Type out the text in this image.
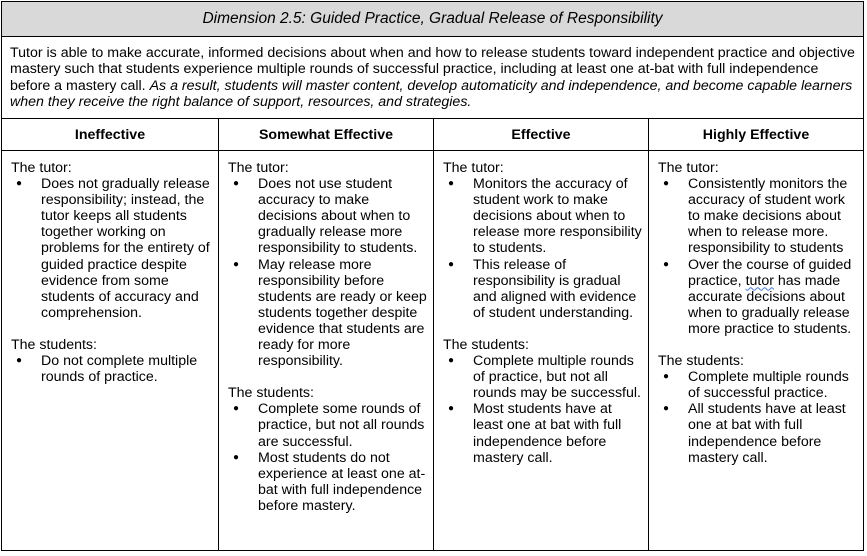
Dimension 2.5: Guided Practice, Gradual Release of Responsibility			
Tutor is able to make accurate, informed decisions about when and how to release students toward independent practice and objective mastery such that students experience multiple rounds of successful practice, including at least one at-bat with full independence before a mastery call. As a result, students will master content, develop automaticity and independence, and become capable learners when they receive the right balance of support, resources, and strategies.			
Ineffective	Somewhat Effective	Effective	Highly Effective

The tutor:
● Does not gradually release responsibility; instead, the tutor keeps all students together working on problems for the entirety of guided practice despite evidence from some students of accuracy and comprehension.
The students:
● Do not complete multiple rounds of practice.

The tutor:
● Does not use student accuracy to make decisions about when to gradually release more responsibility to students.
● May release more responsibility before students are ready or keep students together despite evidence that students are ready for more responsibility.
The students:
● Complete some rounds of practice, but not all rounds are successful.
● Most students do not experience at least one at-bat with full independence before mastery.

The tutor:
● Monitors the accuracy of student work to make decisions about when to release more responsibility to students.
● This release of responsibility is gradual and aligned with evidence of student understanding.
The students:
● Complete multiple rounds of practice, but not all rounds may be successful.
● Most students have at least one at bat with full independence before mastery call.

The tutor:
● Consistently monitors the accuracy of student work to make decisions about when to release more. responsibility to students
● Over the course of guided practice, tutor has made accurate decisions about when to gradually release more practice to students.
The students:
● Complete multiple rounds of successful practice.
● All students have at least one at bat with full independence before mastery call.
